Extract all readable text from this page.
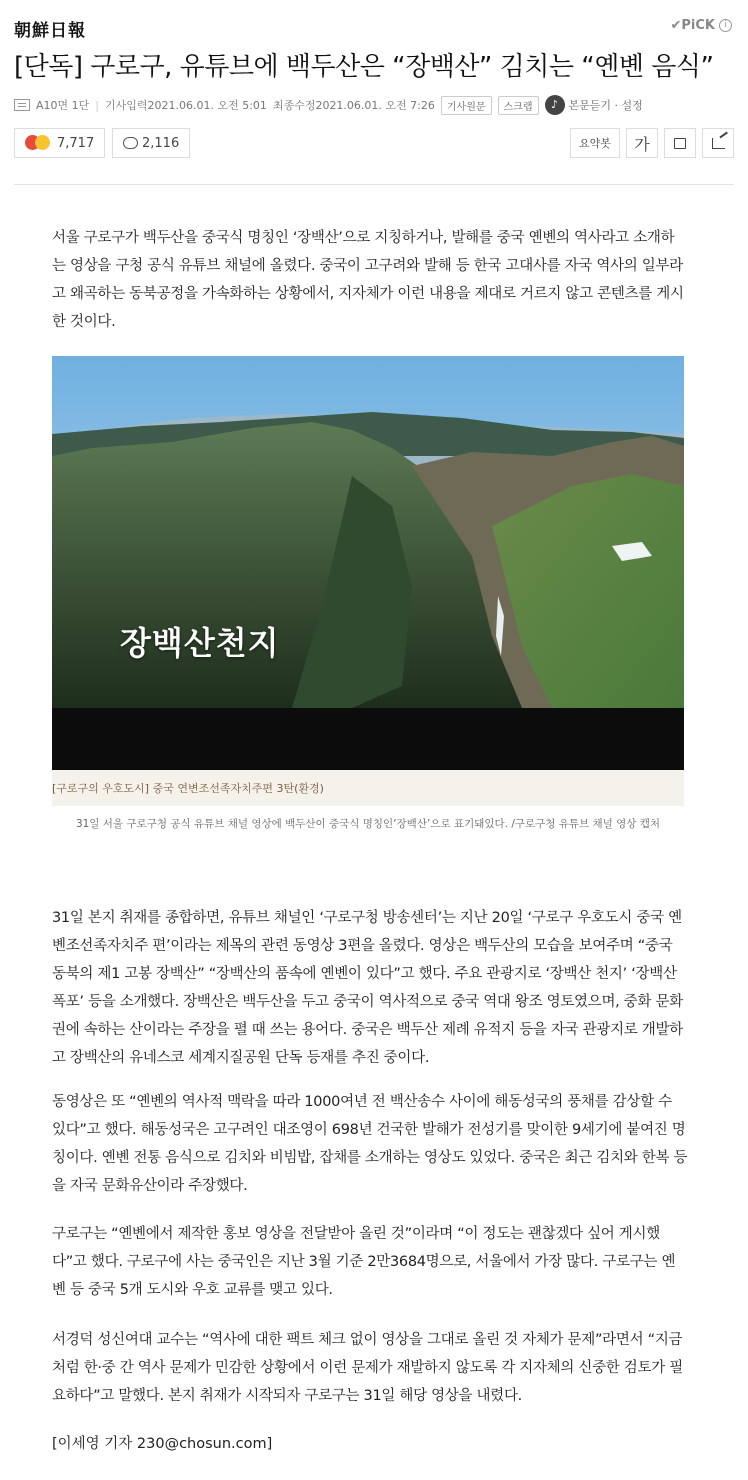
朝鮮日報	✔PiCK	i
[단독] 구로구, 유튜브에 백두산은 “장백산” 김치는 “옌볜 음식”
A10면 1단 | 기사입력2021.06.01. 오전 5:01 최종수정2021.06.01. 오전 7:26	기사원문	스크랩	♪ 본문듣기 · 설정
7,717	2,116	요약봇	가

서울 구로구가 백두산을 중국식 명칭인 ‘장백산’으로 지칭하거나, 발해를 중국 옌볜의 역사라고 소개하는 영상을 구청 공식 유튜브 채널에 올렸다. 중국이 고구려와 발해 등 한국 고대사를 자국 역사의 일부라고 왜곡하는 동북공정을 가속화하는 상황에서, 지자체가 이런 내용을 제대로 거르지 않고 콘텐츠를 게시한 것이다.

장백산천지
[구로구의 우호도시] 중국 연변조선족자치주편 3탄(환경)

31일 서울 구로구청 공식 유튜브 채널 영상에 백두산이 중국식 명칭인‘장백산’으로 표기돼있다. /구로구청 유튜브 채널 영상 캡처

31일 본지 취재를 종합하면, 유튜브 채널인 ‘구로구청 방송센터’는 지난 20일 ‘구로구 우호도시 중국 옌볜조선족자치주 편’이라는 제목의 관련 동영상 3편을 올렸다. 영상은 백두산의 모습을 보여주며 “중국 동북의 제1 고봉 장백산” “장백산의 품속에 옌볜이 있다”고 했다. 주요 관광지로 ‘장백산 천지’ ‘장백산 폭포’ 등을 소개했다. 장백산은 백두산을 두고 중국이 역사적으로 중국 역대 왕조 영토였으며, 중화 문화권에 속하는 산이라는 주장을 펼 때 쓰는 용어다. 중국은 백두산 제례 유적지 등을 자국 관광지로 개발하고 장백산의 유네스코 세계지질공원 단독 등재를 추진 중이다.

동영상은 또 “옌볜의 역사적 맥락을 따라 1000여년 전 백산송수 사이에 해동성국의 풍채를 감상할 수 있다”고 했다. 해동성국은 고구려인 대조영이 698년 건국한 발해가 전성기를 맞이한 9세기에 붙여진 명칭이다. 옌볜 전통 음식으로 김치와 비빔밥, 잡채를 소개하는 영상도 있었다. 중국은 최근 김치와 한복 등을 자국 문화유산이라 주장했다.

구로구는 “옌볜에서 제작한 홍보 영상을 전달받아 올린 것”이라며 “이 정도는 괜찮겠다 싶어 게시했다”고 했다. 구로구에 사는 중국인은 지난 3월 기준 2만3684명으로, 서울에서 가장 많다. 구로구는 옌볜 등 중국 5개 도시와 우호 교류를 맺고 있다.

서경덕 성신여대 교수는 “역사에 대한 팩트 체크 없이 영상을 그대로 올린 것 자체가 문제”라면서 “지금처럼 한·중 간 역사 문제가 민감한 상황에서 이런 문제가 재발하지 않도록 각 지자체의 신중한 검토가 필요하다”고 말했다. 본지 취재가 시작되자 구로구는 31일 해당 영상을 내렸다.

[이세영 기자 230@chosun.com]
